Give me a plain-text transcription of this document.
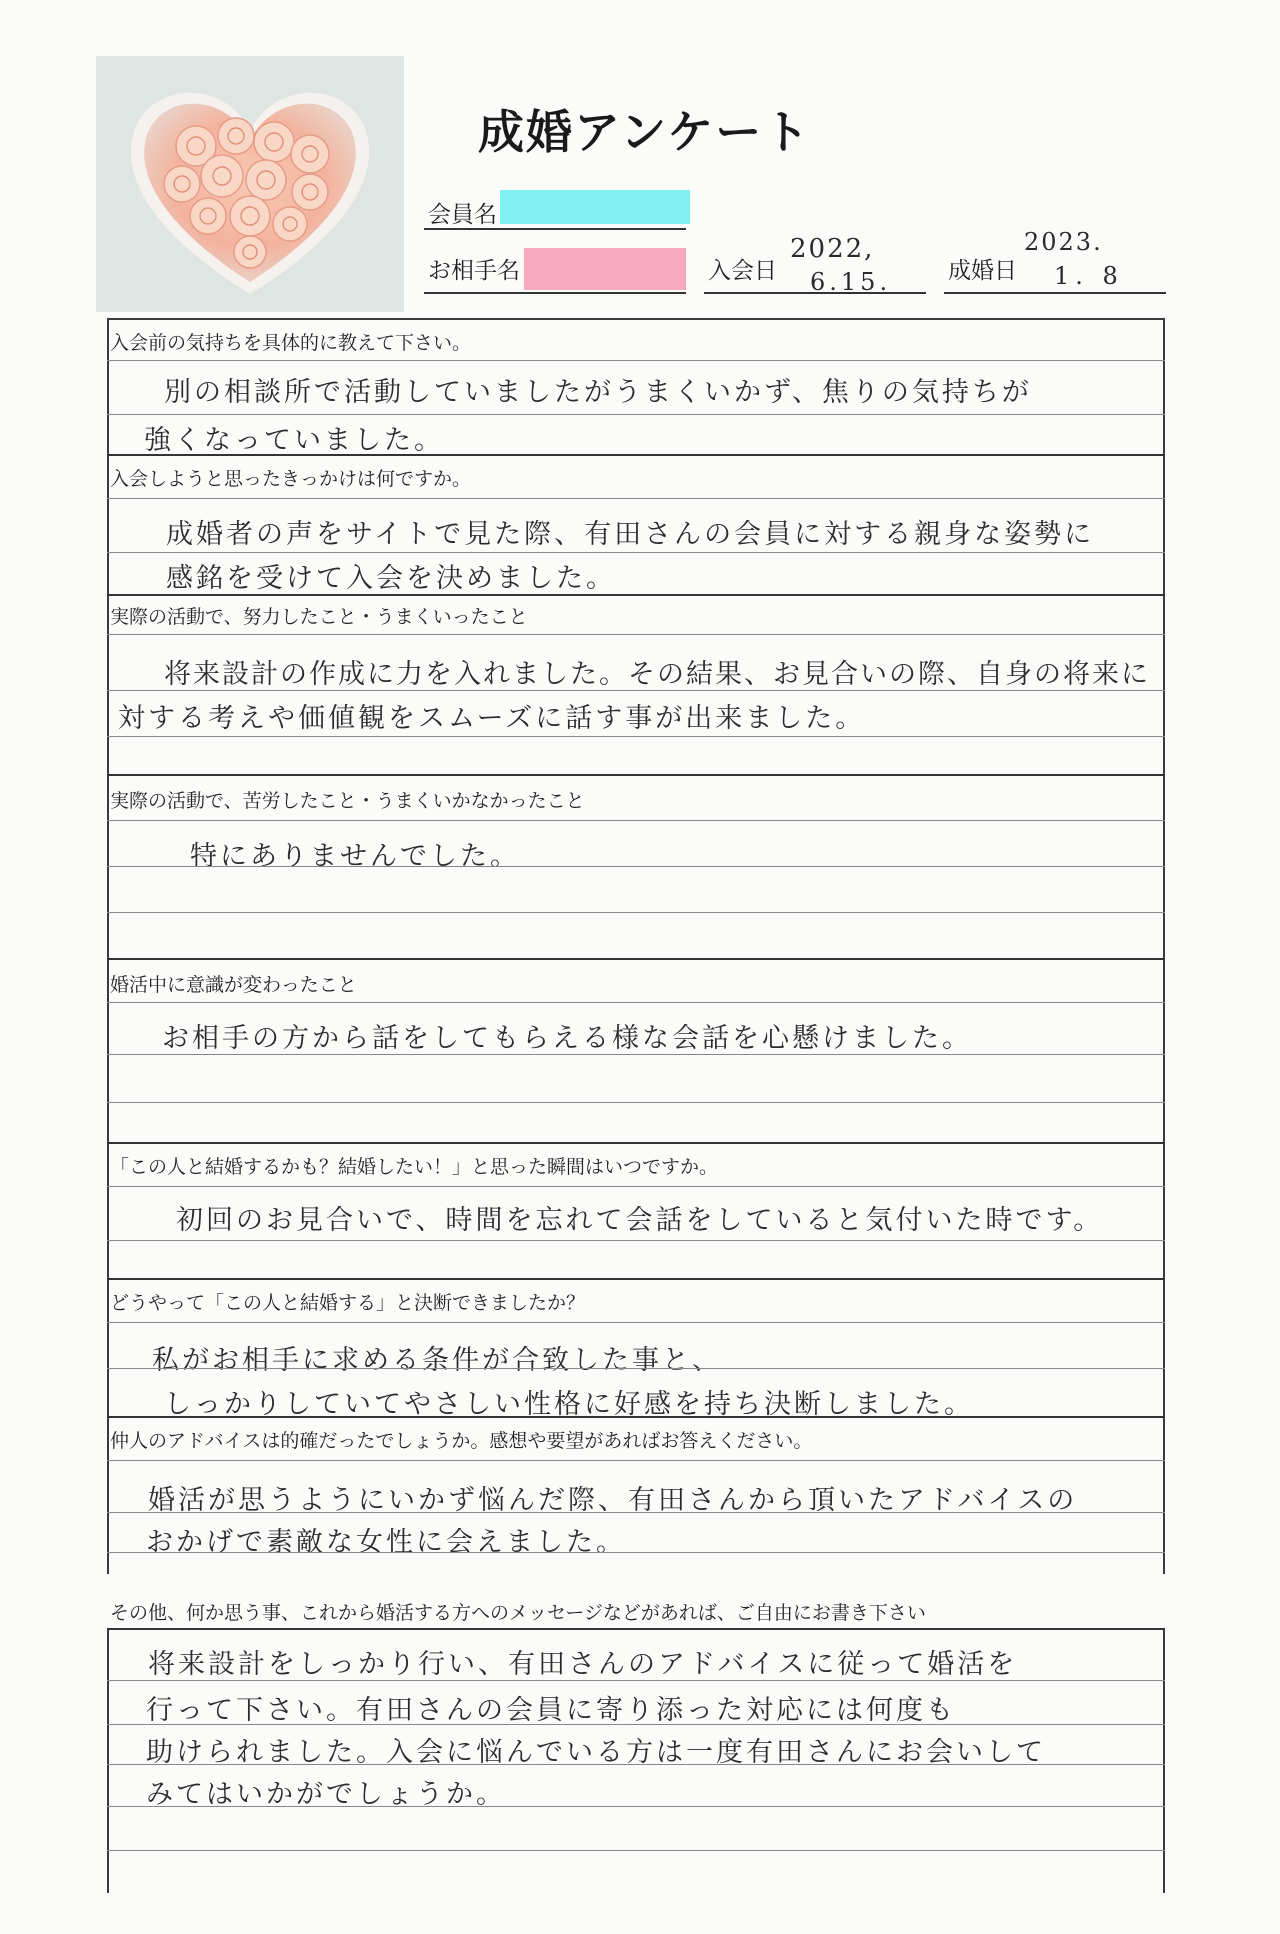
成婚アンケート
会員名
お相手名	入会日
2022,
6.15. 成婚日
2023.
1. 8
入会前の気持ちを具体的に教えて下さい。
別の相談所で活動していましたがうまくいかず、焦りの気持ちが
強くなっていました。
入会しようと思ったきっかけは何ですか。
成婚者の声をサイトで見た際、有田さんの会員に対する親身な姿勢に
感銘を受けて入会を決めました。
実際の活動で、努力したこと・うまくいったこと
将来設計の作成に力を入れました。その結果、お見合いの際、自身の将来に
対する考えや価値観をスムーズに話す事が出来ました。
実際の活動で、苦労したこと・うまくいかなかったこと
特にありませんでした。
婚活中に意識が変わったこと
お相手の方から話をしてもらえる様な会話を心懸けました。
「この人と結婚するかも？結婚したい！」と思った瞬間はいつですか。
初回のお見合いで、時間を忘れて会話をしていると気付いた時です。
どうやって「この人と結婚する」と決断できましたか？
私がお相手に求める条件が合致した事と、
しっかりしていてやさしい性格に好感を持ち決断しました。
仲人のアドバイスは的確だったでしょうか。感想や要望があればお答えください。
婚活が思うようにいかず悩んだ際、有田さんから頂いたアドバイスの
おかげで素敵な女性に会えました。
その他、何か思う事、これから婚活する方へのメッセージなどがあれば、ご自由にお書き下さい
将来設計をしっかり行い、有田さんのアドバイスに従って婚活を
行って下さい。有田さんの会員に寄り添った対応には何度も
助けられました。入会に悩んでいる方は一度有田さんにお会いして
みてはいかがでしょうか。
